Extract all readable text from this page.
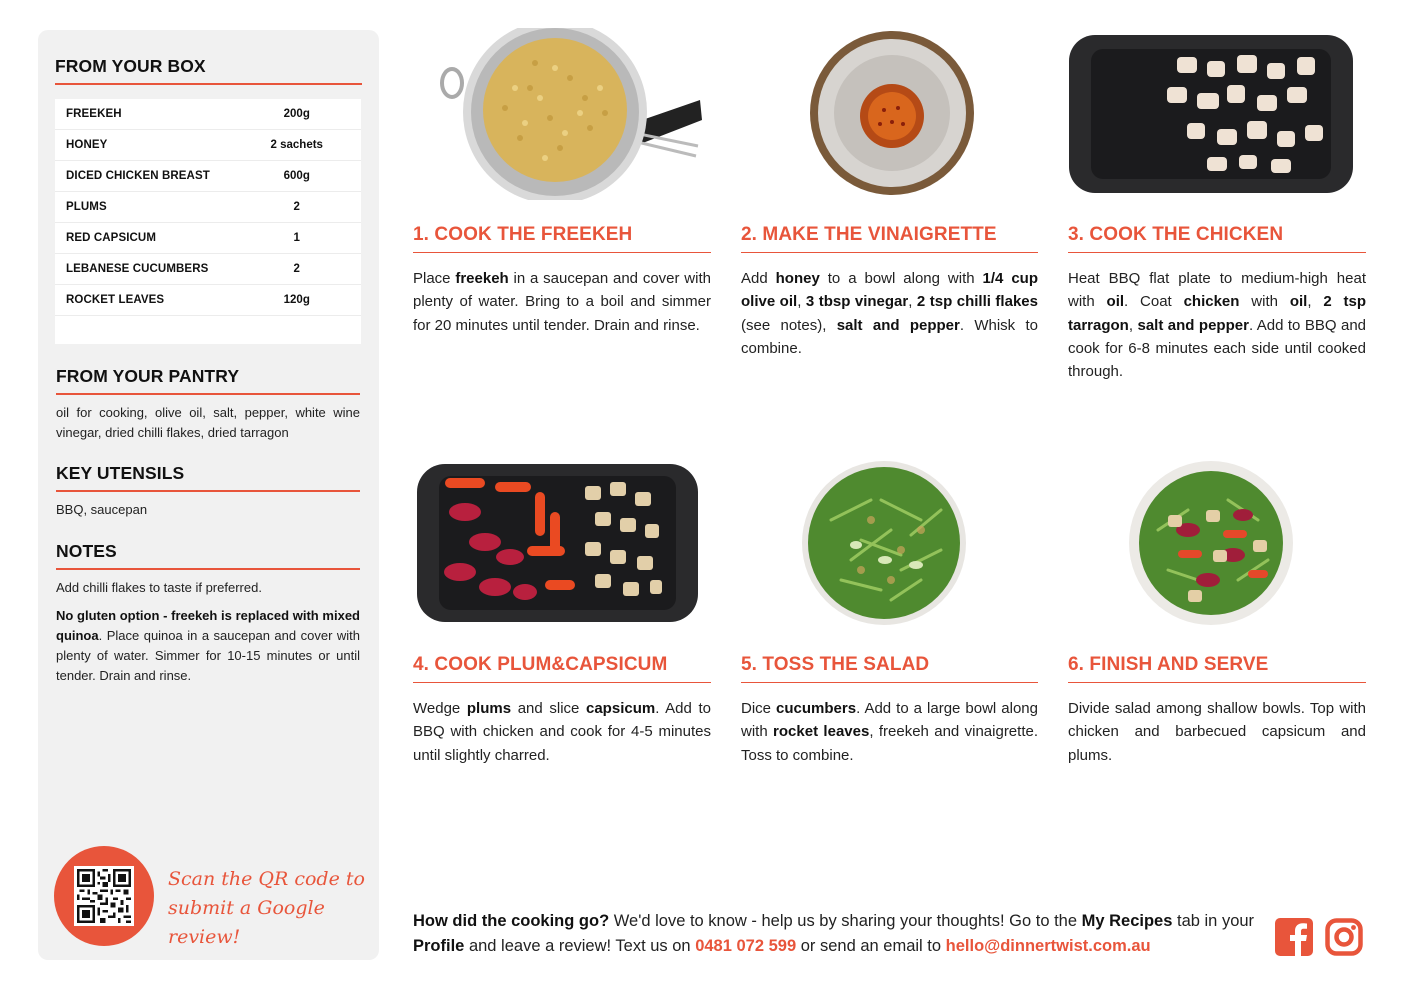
FROM YOUR BOX
FREEKEH	200g
HONEY	2 sachets
DICED CHICKEN BREAST	600g
PLUMS	2
RED CAPSICUM	1
LEBANESE CUCUMBERS	2
ROCKET LEAVES	120g
FROM YOUR PANTRY
oil for cooking, olive oil, salt, pepper, white wine vinegar, dried chilli flakes, dried tarragon
KEY UTENSILS
BBQ, saucepan
NOTES
Add chilli flakes to taste if preferred.
No gluten option - freekeh is replaced with mixed quinoa. Place quinoa in a saucepan and cover with plenty of water. Simmer for 10-15 minutes or until tender. Drain and rinse.
Scan the QR code to
submit a Google review!
1. COOK THE FREEKEH
Place freekeh in a saucepan and cover with plenty of water. Bring to a boil and simmer for 20 minutes until tender. Drain and rinse.
2. MAKE THE VINAIGRETTE
Add honey to a bowl along with 1/4 cup olive oil, 3 tbsp vinegar, 2 tsp chilli flakes (see notes), salt and pepper. Whisk to combine.
3. COOK THE CHICKEN
Heat BBQ flat plate to medium-high heat with oil. Coat chicken with oil, 2 tsp tarragon, salt and pepper. Add to BBQ and cook for 6-8 minutes each side until cooked through.
4. COOK PLUM&CAPSICUM
Wedge plums and slice capsicum. Add to BBQ with chicken and cook for 4-5 minutes until slightly charred.
5. TOSS THE SALAD
Dice cucumbers. Add to a large bowl along with rocket leaves, freekeh and vinaigrette. Toss to combine.
6. FINISH AND SERVE
Divide salad among shallow bowls. Top with chicken and barbecued capsicum and plums.
How did the cooking go? We'd love to know - help us by sharing your thoughts! Go to the My Recipes tab in your Profile and leave a review! Text us on 0481 072 599 or send an email to hello@dinnertwist.com.au
